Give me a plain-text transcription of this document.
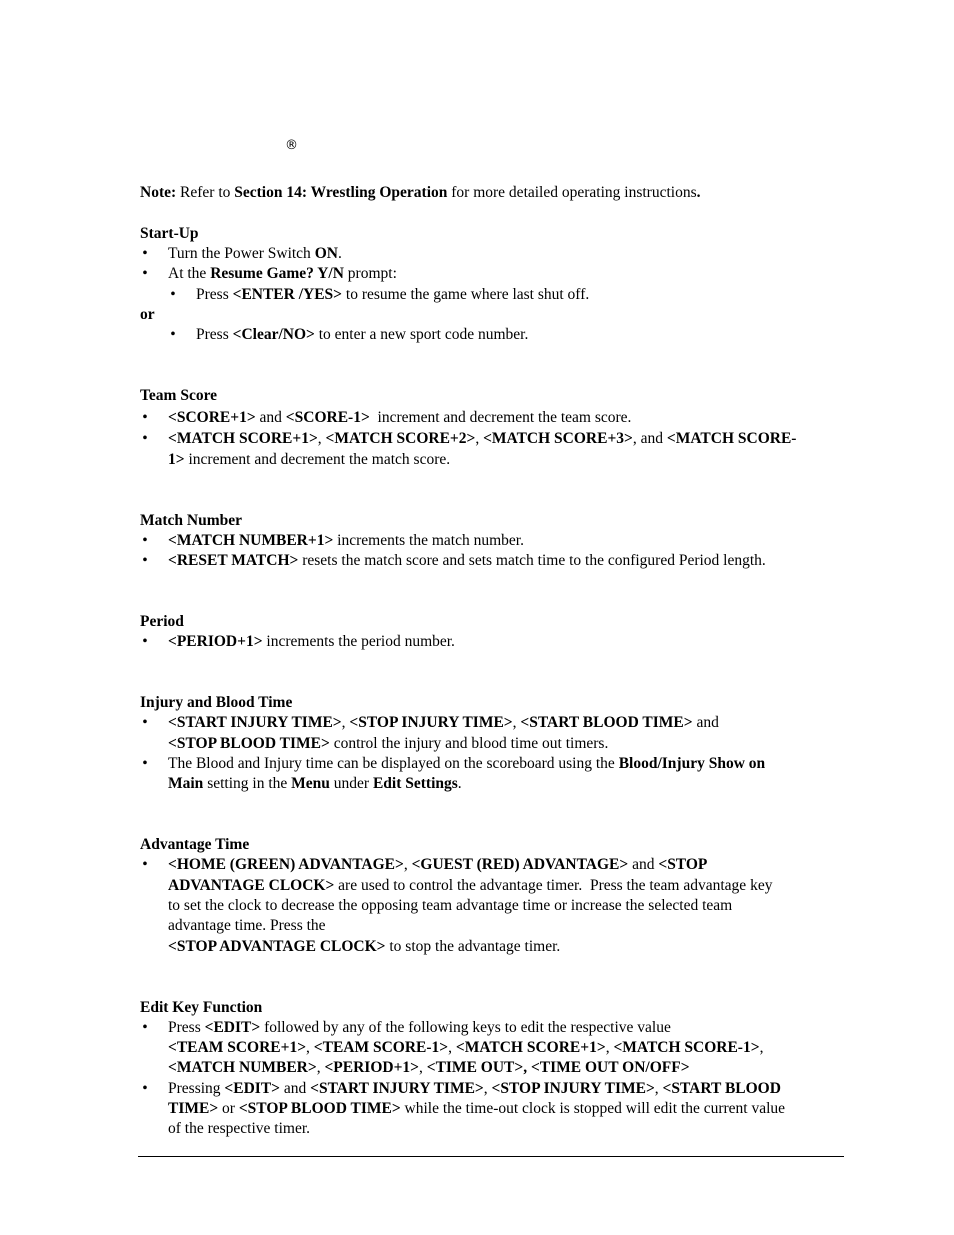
®
Note: Refer to Section 14: Wrestling Operation for more detailed operating instructions.
Start-Up
• Turn the Power Switch ON.
• At the Resume Game? Y/N prompt:
• Press <ENTER /YES> to resume the game where last shut off.
or
• Press <Clear/NO> to enter a new sport code number.
Team Score
• <SCORE+1> and <SCORE-1>  increment and decrement the team score.
• <MATCH SCORE+1>, <MATCH SCORE+2>, <MATCH SCORE+3>, and <MATCH SCORE-
1> increment and decrement the match score.
Match Number
• <MATCH NUMBER+1> increments the match number.
• <RESET MATCH> resets the match score and sets match time to the configured Period length.
Period
• <PERIOD+1> increments the period number.
Injury and Blood Time
• <START INJURY TIME>, <STOP INJURY TIME>, <START BLOOD TIME> and
<STOP BLOOD TIME> control the injury and blood time out timers.
• The Blood and Injury time can be displayed on the scoreboard using the Blood/Injury Show on
Main setting in the Menu under Edit Settings.
Advantage Time
• <HOME (GREEN) ADVANTAGE>, <GUEST (RED) ADVANTAGE> and <STOP
ADVANTAGE CLOCK> are used to control the advantage timer.  Press the team advantage key
to set the clock to decrease the opposing team advantage time or increase the selected team
advantage time. Press the
<STOP ADVANTAGE CLOCK> to stop the advantage timer.
Edit Key Function
• Press <EDIT> followed by any of the following keys to edit the respective value
<TEAM SCORE+1>, <TEAM SCORE-1>, <MATCH SCORE+1>, <MATCH SCORE-1>,
<MATCH NUMBER>, <PERIOD+1>, <TIME OUT>, <TIME OUT ON/OFF>
• Pressing <EDIT> and <START INJURY TIME>, <STOP INJURY TIME>, <START BLOOD
TIME> or <STOP BLOOD TIME> while the time-out clock is stopped will edit the current value
of the respective timer.
